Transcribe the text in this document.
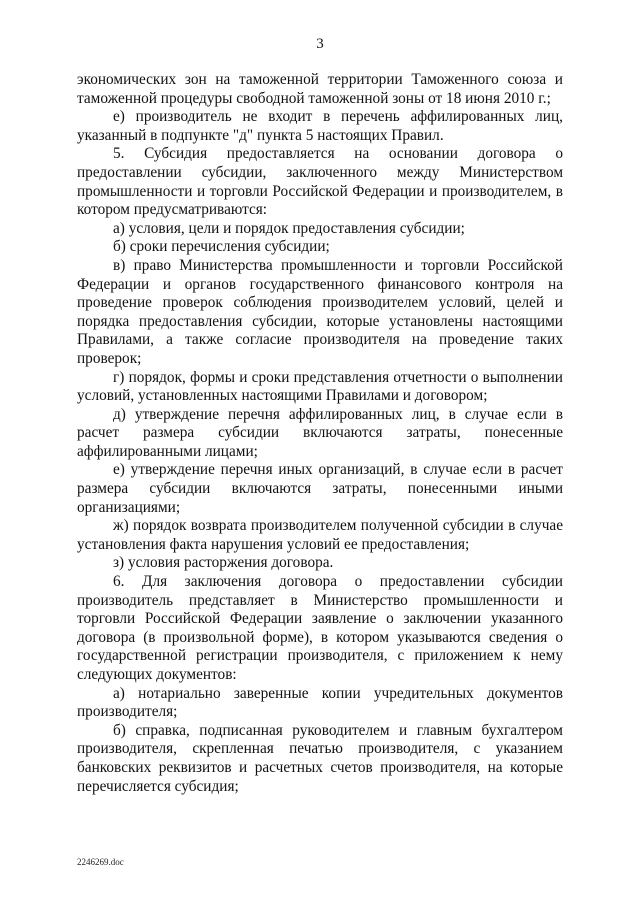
3

экономических зон на таможенной территории Таможенного союза и таможенной процедуры свободной таможенной зоны от 18 июня 2010 г.;

е) производитель не входит в перечень аффилированных лиц, указанный в подпункте "д" пункта 5 настоящих Правил.

5. Субсидия предоставляется на основании договора о предоставлении субсидии, заключенного между Министерством промышленности и торговли Российской Федерации и производителем, в котором предусматриваются:

а) условия, цели и порядок предоставления субсидии;

б) сроки перечисления субсидии;

в) право Министерства промышленности и торговли Российской Федерации и органов государственного финансового контроля на проведение проверок соблюдения производителем условий, целей и порядка предоставления субсидии, которые установлены настоящими Правилами, а также согласие производителя на проведение таких проверок;

г) порядок, формы и сроки представления отчетности о выполнении условий, установленных настоящими Правилами и договором;

д) утверждение перечня аффилированных лиц, в случае если в расчет размера субсидии включаются затраты, понесенные аффилированными лицами;

е) утверждение перечня иных организаций, в случае если в расчет размера субсидии включаются затраты, понесенными иными организациями;

ж) порядок возврата производителем полученной субсидии в случае установления факта нарушения условий ее предоставления;

з) условия расторжения договора.

6. Для заключения договора о предоставлении субсидии производитель представляет в Министерство промышленности и торговли Российской Федерации заявление о заключении указанного договора (в произвольной форме), в котором указываются сведения о государственной регистрации производителя, с приложением к нему следующих документов:

а) нотариально заверенные копии учредительных документов производителя;

б) справка, подписанная руководителем и главным бухгалтером производителя, скрепленная печатью производителя, с указанием банковских реквизитов и расчетных счетов производителя, на которые перечисляется субсидия;

2246269.doc
